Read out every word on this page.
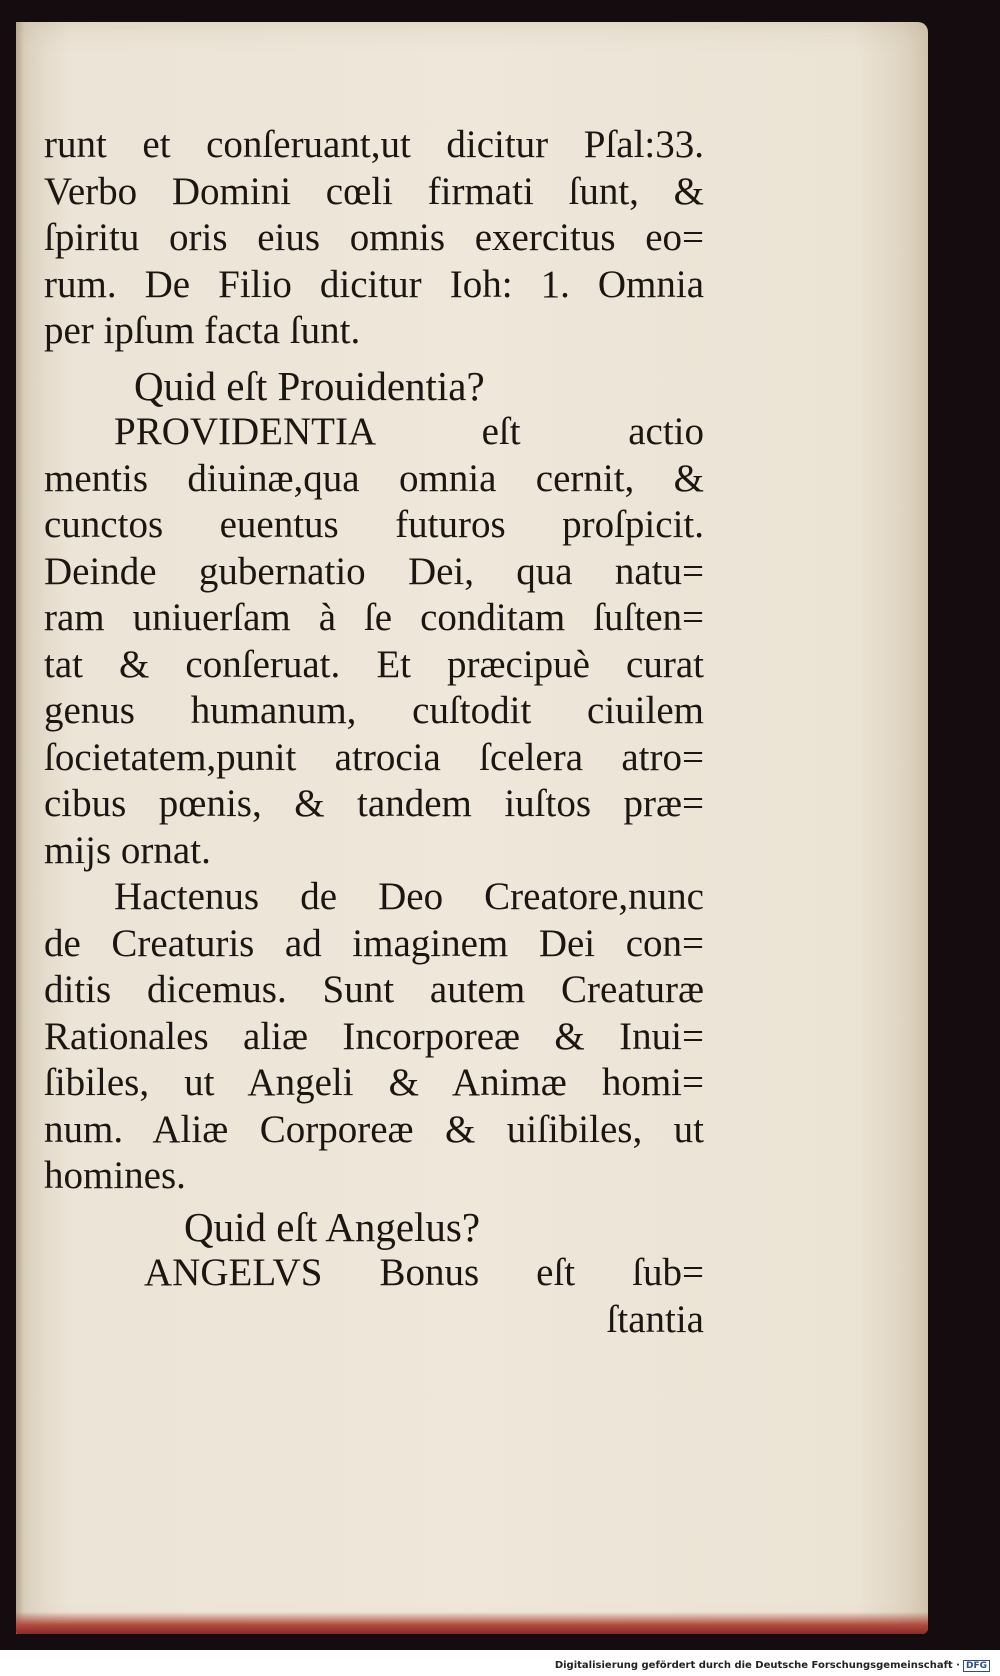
runt et conſeruant,ut dicitur Pſal:33.
Verbo Domini cœli firmati ſunt, &
ſpiritu oris eius omnis exercitus eo=
rum. De Filio dicitur Ioh: 1. Omnia
per ipſum facta ſunt.
Quid eſt Prouidentia?
PROVIDENTIA eſt actio
mentis diuinæ,qua omnia cernit, &
cunctos euentus futuros proſpicit.
Deinde gubernatio Dei, qua natu=
ram uniuerſam à ſe conditam ſuſten=
tat & conſeruat. Et præcipuè curat
genus humanum, cuſtodit ciuilem
ſocietatem,punit atrocia ſcelera atro=
cibus pœnis, & tandem iuſtos præ=
mijs ornat.
Hactenus de Deo Creatore,nunc
de Creaturis ad imaginem Dei con=
ditis dicemus. Sunt autem Creaturæ
Rationales aliæ Incorporeæ & Inui=
ſibiles, ut Angeli & Animæ homi=
num. Aliæ Corporeæ & uiſibiles, ut
homines.
Quid eſt Angelus?
ANGELVS Bonus eſt ſub=
ſtantia
Digitalisierung gefördert durch die Deutsche Forschungsgemeinschaft · DFG
